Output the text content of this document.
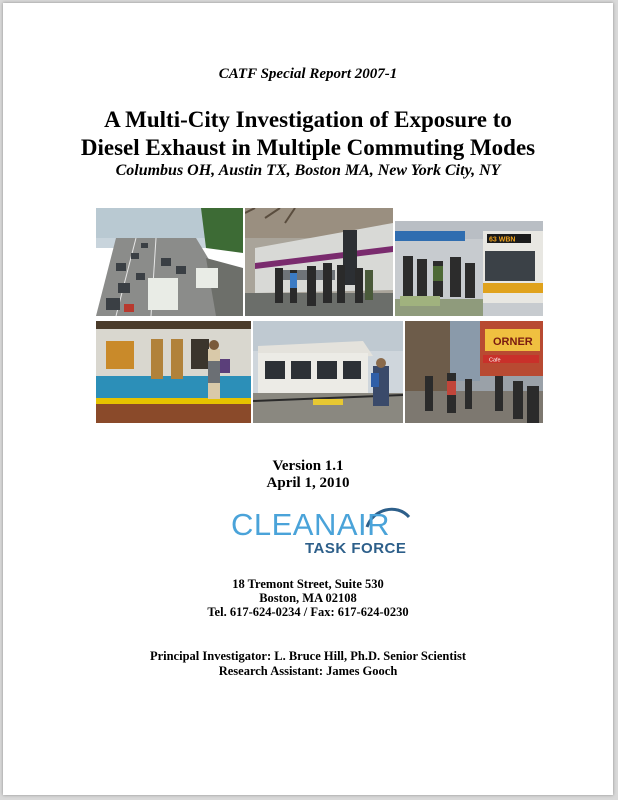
CATF Special Report 2007-1
A Multi-City Investigation of Exposure to
Diesel Exhaust in Multiple Commuting Modes
Columbus OH, Austin TX, Boston MA, New York City, NY
63 WBN
ORNER
Cafe
Version 1.1
April 1, 2010
CLEANAIR
TASK FORCE
18 Tremont Street, Suite 530
Boston, MA 02108
Tel. 617-624-0234 / Fax: 617-624-0230
Principal Investigator: L. Bruce Hill, Ph.D. Senior Scientist
Research Assistant: James Gooch
